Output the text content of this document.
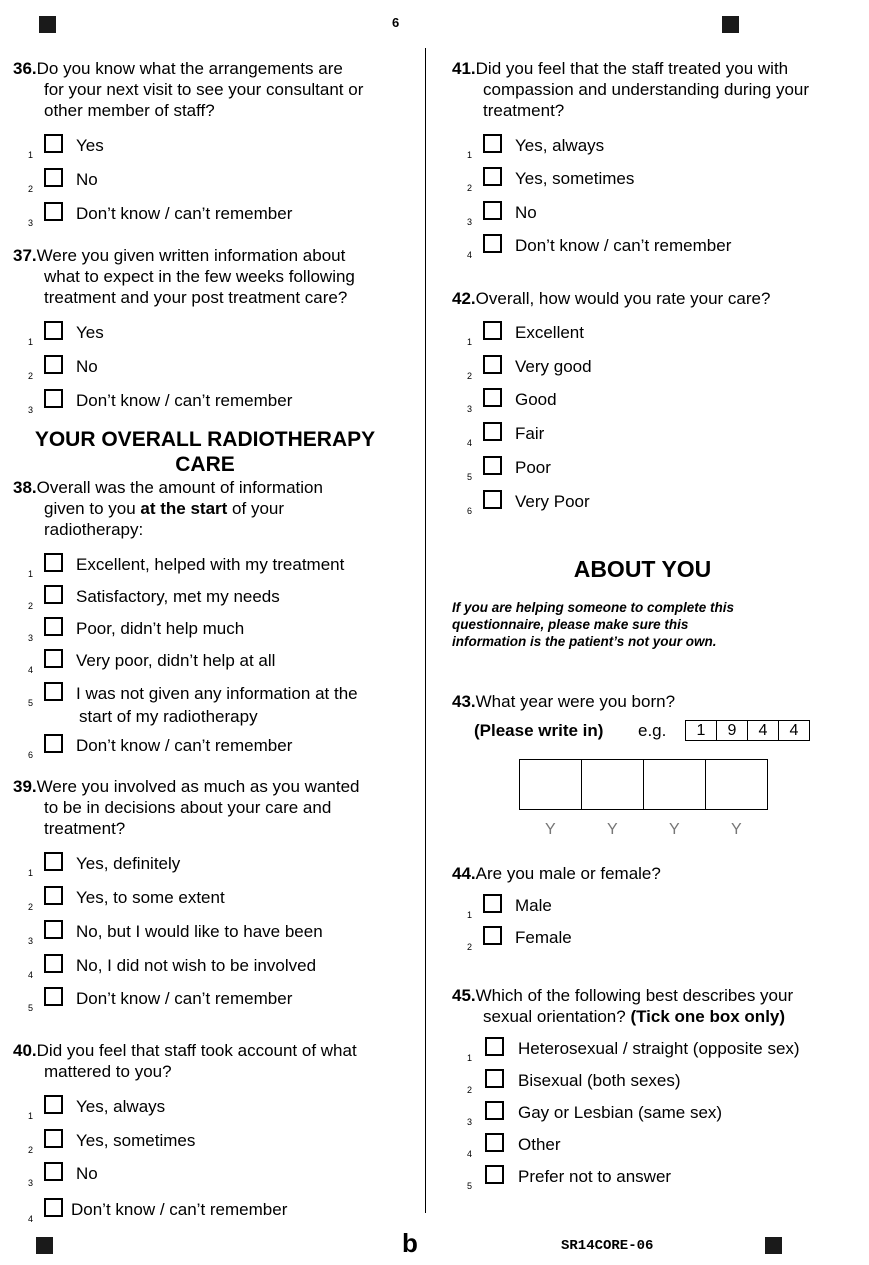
6
36.Do you know what the arrangements are
for your next visit to see your consultant or
other member of staff?
1	Yes
2	No
3	Don’t know / can’t remember
37.Were you given written information about
what to expect in the few weeks following
treatment and your post treatment care?
1	Yes
2	No
3	Don’t know / can’t remember
YOUR OVERALL RADIOTHERAPY
CARE
38.Overall was the amount of information
given to you at the start of your
radiotherapy:
1	Excellent, helped with my treatment
2	Satisfactory, met my needs
3	Poor, didn’t help much
4	Very poor, didn’t help at all
5	I was not given any information at the
start of my radiotherapy
6	Don’t know / can’t remember
39.Were you involved as much as you wanted
to be in decisions about your care and
treatment?
1	Yes, definitely
2	Yes, to some extent
3	No, but I would like to have been
4	No, I did not wish to be involved
5	Don’t know / can’t remember
40.Did you feel that staff took account of what
mattered to you?
1	Yes, always
2	Yes, sometimes
3	No
4 Don’t know / can’t remember
41.Did you feel that the staff treated you with
compassion and understanding during your
treatment?
1	Yes, always
2	Yes, sometimes
3	No
4	Don’t know / can’t remember
42.Overall, how would you rate your care?
1	Excellent
2	Very good
3	Good
4	Fair
5	Poor
6	Very Poor
ABOUT YOU
If you are helping someone to complete this
questionnaire, please make sure this
information is the patient’s not your own.
43.What year were you born?
(Please write in) e.g.	1	9	4	4
Y	Y	Y	Y
44.Are you male or female?
1	Male
2	Female
45.Which of the following best describes your
sexual orientation? (Tick one box only)
1	Heterosexual / straight (opposite sex)
2	Bisexual (both sexes)
3	Gay or Lesbian (same sex)
4	Other
5	Prefer not to answer
b	SR14CORE-06
